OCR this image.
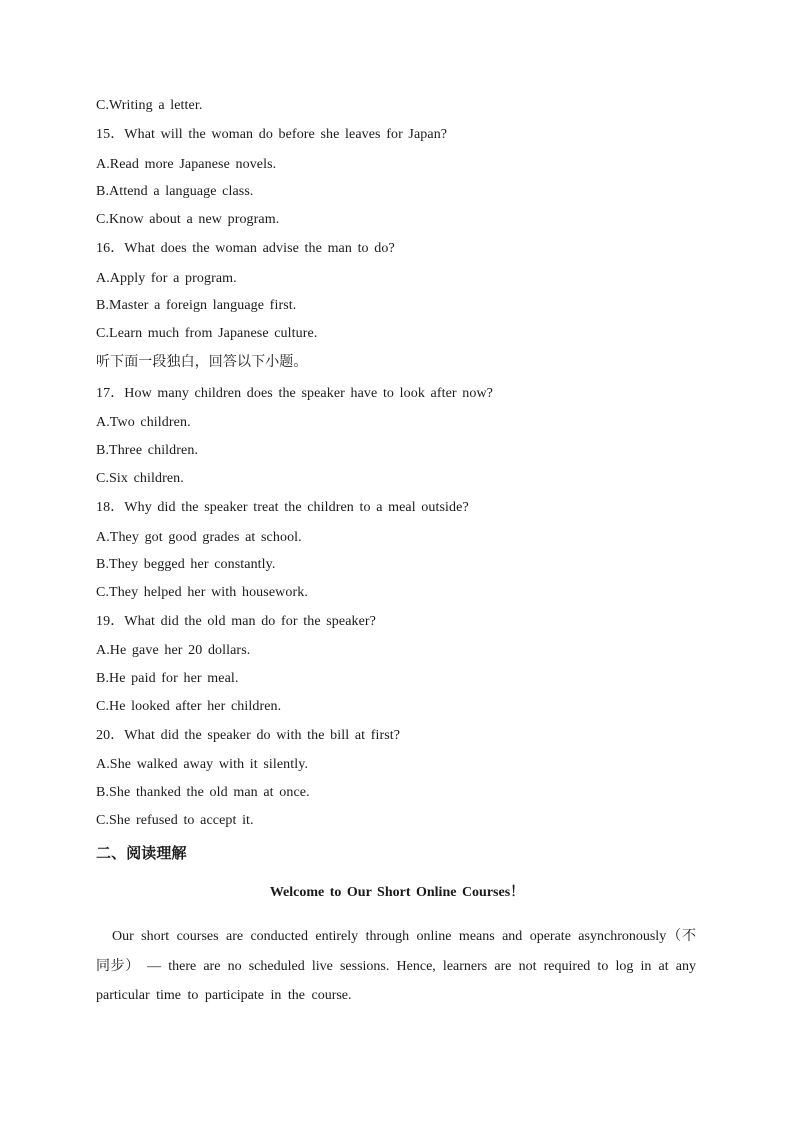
C.Writing a letter.
15．What will the woman do before she leaves for Japan?
A.Read more Japanese novels.
B.Attend a language class.
C.Know about a new program.
16．What does the woman advise the man to do?
A.Apply for a program.
B.Master a foreign language first.
C.Learn much from Japanese culture.
听下面一段独白，回答以下小题。
17．How many children does the speaker have to look after now?
A.Two children.
B.Three children.
C.Six children.
18．Why did the speaker treat the children to a meal outside?
A.They got good grades at school.
B.They begged her constantly.
C.They helped her with housework.
19．What did the old man do for the speaker?
A.He gave her 20 dollars.
B.He paid for her meal.
C.He looked after her children.
20．What did the speaker do with the bill at first?
A.She walked away with it silently.
B.She thanked the old man at once.
C.She refused to accept it.
二、阅读理解
Welcome to Our Short Online Courses！
Our short courses are conducted entirely through online means and operate asynchronously（不同步） — there are no scheduled live sessions. Hence, learners are not required to log in at any particular time to participate in the course.
